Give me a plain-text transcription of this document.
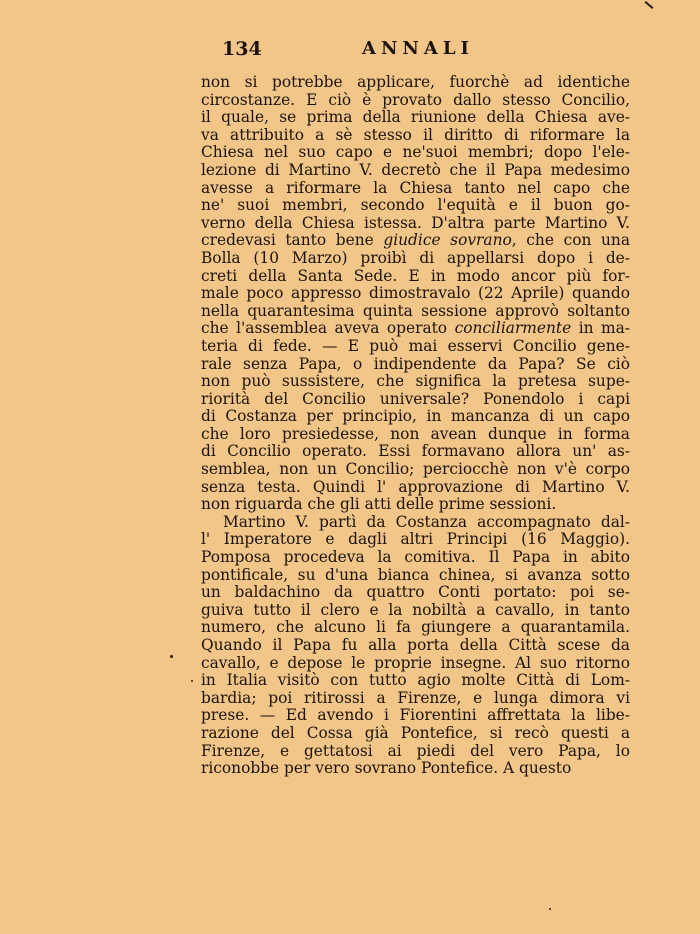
134	ANNALI
non si potrebbe applicare, fuorchè ad identiche
circostanze. E ciò è provato dallo stesso Concilio,
il quale, se prima della riunione della Chiesa ave-
va attribuito a sè stesso il diritto di riformare la
Chiesa nel suo capo e ne'suoi membri; dopo l'ele-
lezione di Martino V. decretò che il Papa medesimo
avesse a riformare la Chiesa tanto nel capo che
ne' suoi membri, secondo l'equità e il buon go-
verno della Chiesa istessa. D'altra parte Martino V.
credevasi tanto bene giudice sovrano, che con una
Bolla (10 Marzo) proibì di appellarsi dopo i de-
creti della Santa Sede. E in modo ancor più for-
male poco appresso dimostravalo (22 Aprile) quando
nella quarantesima quinta sessione approvò soltanto
che l'assemblea aveva operato conciliarmente in ma-
teria di fede. — E può mai esservi Concilio gene-
rale senza Papa, o indipendente da Papa? Se ciò
non può sussistere, che significa la pretesa supe-
riorità del Concilio universale? Ponendolo i capi
di Costanza per principio, in mancanza di un capo
che loro presiedesse, non avean dunque in forma
di Concilio operato. Essi formavano allora un' as-
semblea, non un Concilio; perciocchè non v'è corpo
senza testa. Quindi l' approvazione di Martino V.
non riguarda che gli atti delle prime sessioni.
Martino V. partì da Costanza accompagnato dal-
l' Imperatore e dagli altri Principi (16 Maggio).
Pomposa procedeva la comitiva. Il Papa in abito
pontificale, su d'una bianca chinea, si avanza sotto
un baldachino da quattro Conti portato: poi se-
guiva tutto il clero e la nobiltà a cavallo, in tanto
numero, che alcuno li fa giungere a quarantamila.
Quando il Papa fu alla porta della Città scese da
cavallo, e depose le proprie insegne. Al suo ritorno
in Italia visitò con tutto agio molte Città di Lom-
bardia; poi ritirossi a Firenze, e lunga dimora vi
prese. — Ed avendo i Fiorentini affrettata la libe-
razione del Cossa già Pontefice, si recò questi a
Firenze, e gettatosi ai piedi del vero Papa, lo
riconobbe per vero sovrano Pontefice. A questo
